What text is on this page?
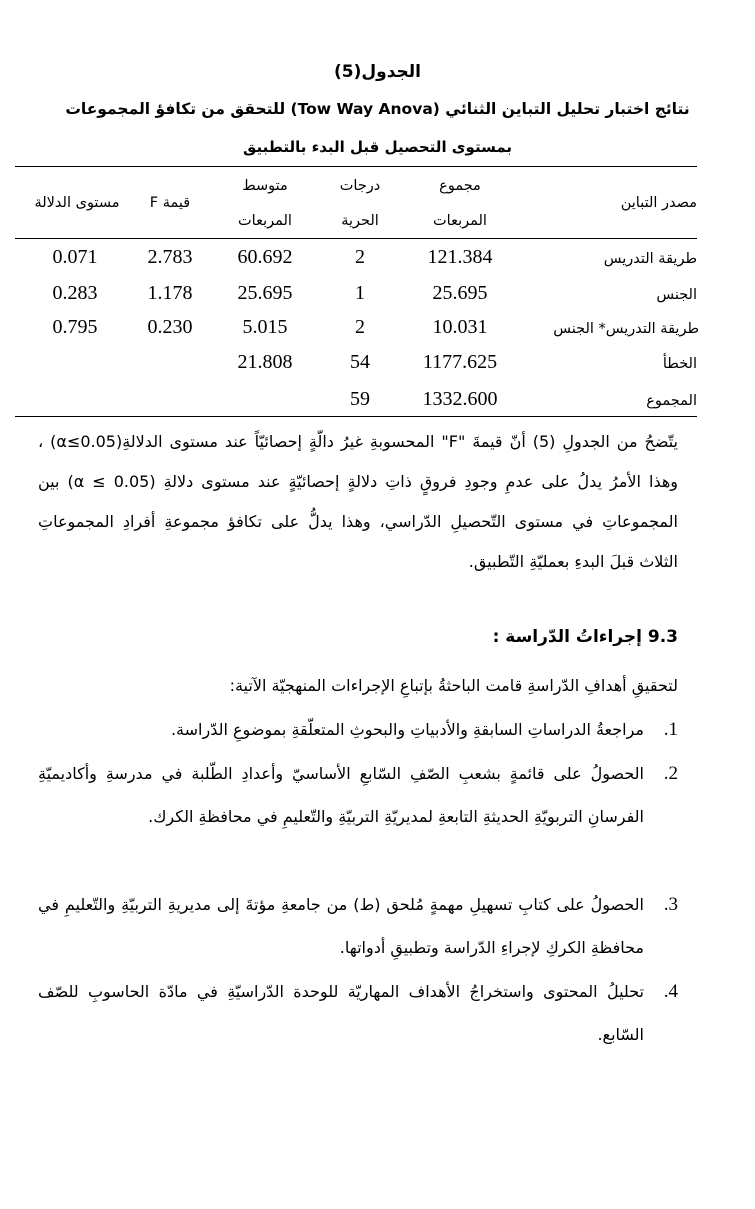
الجدول(5)
نتائج اختبار تحليل التباين الثنائي (Tow Way Anova) للتحقق من تكافؤ المجموعات
بمستوى التحصيل قبل البدء بالتطبيق
مصدر التباين
مجموع
المربعات
درجات
الحرية
متوسط
المربعات
قيمة F
مستوى الدلالة
طريقة التدريس
121.384
2
60.692
2.783
0.071
الجنس
25.695
1
25.695
1.178
0.283
طريقة التدريس* الجنس
10.031
2
5.015
0.230
0.795
الخطأ
1177.625
54
21.808
المجموع
1332.600
59
يتّضحُ من الجدولِ (5) أنّ قيمةَ "F" المحسوبةِ غيرُ دالّةٍ إحصائيّاً عند مستوى الدلالةِ(α≤0.05) ، وهذا الأمرُ يدلُ على عدمِ وجودِ فروقٍ ذاتِ دلالةٍ إحصائيّةٍ عند مستوى دلالةِ (α ≤ 0.05) بين المجموعاتِ في مستوى التّحصيلِ الدّراسي، وهذا يدلُّ على تكافؤ مجموعةِ أفرادِ المجموعاتِ الثلاث قبلَ البدءِ بعمليّةِ التّطبيق.
9.3 إجراءاتُ الدّراسة :
لتحقيقِ أهدافِ الدّراسةِ قامت الباحثةُ بإتباعِ الإجراءات المنهجيّة الآتية:
1.
مراجعةُ الدراساتِ السابقةِ والأدبياتِ والبحوثِ المتعلّقةِ بموضوعِ الدّراسة.
2.
الحصولُ على قائمةٍ بشعبِ الصّفِ السّابعِ الأساسيّ وأعدادِ الطّلبة في مدرسةِ وأكاديميّةِ الفرسانِ التربويّةِ الحديثةِ التابعةِ لمديريّةِ التربيّةِ والتّعليمِ في محافظةِ الكرك.
3.
الحصولُ على كتابِ تسهيلِ مهمةٍ مُلحق (ط) من جامعةِ مؤتةَ إلى مديريةِ التربيّةِ والتّعليمِ في محافظةِ الكركِ لإجراءِ الدّراسة وتطبيقِ أدواتها.
4.
تحليلُ المحتوى واستخراجُ الأهداف المهاريّة للوحدة الدّراسيّةِ في مادّة الحاسوبِ للصّف السّابع.
